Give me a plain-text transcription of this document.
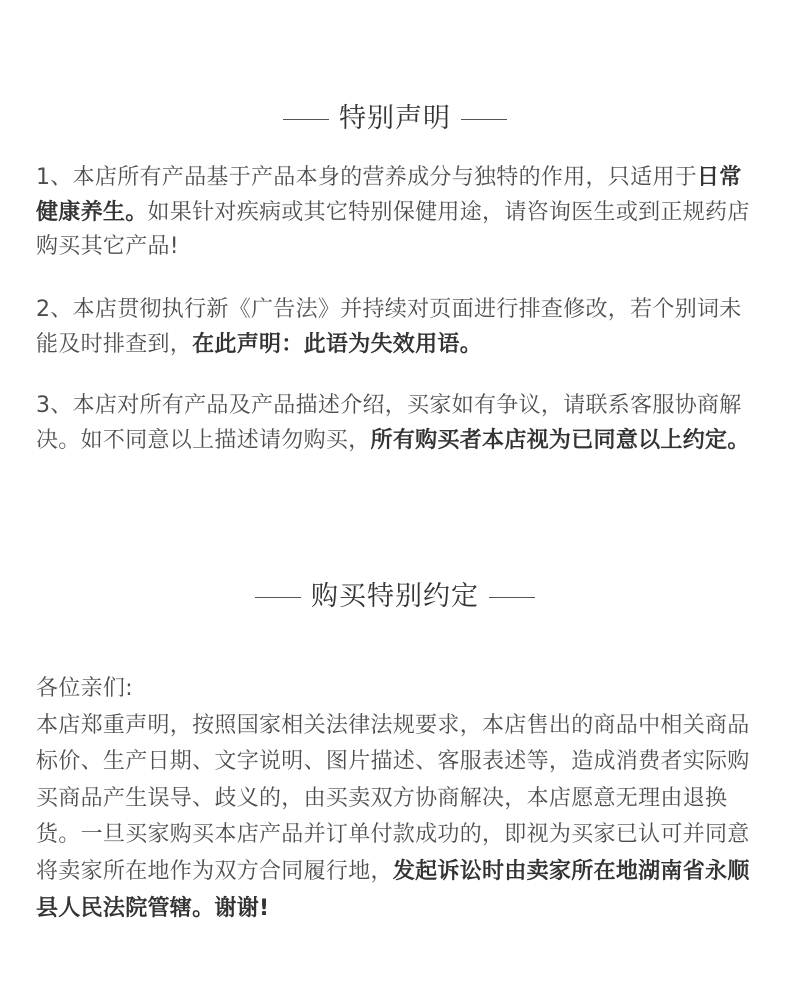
特别声明
1、本店所有产品基于产品本身的营养成分与独特的作用，只适用于日常健康养生。如果针对疾病或其它特别保健用途，请咨询医生或到正规药店购买其它产品!
2、本店贯彻执行新《广告法》并持续对页面进行排查修改，若个别词未能及时排查到，在此声明：此语为失效用语。
3、本店对所有产品及产品描述介绍，买家如有争议，请联系客服协商解决。如不同意以上描述请勿购买，所有购买者本店视为已同意以上约定。
购买特别约定
各位亲们:
本店郑重声明，按照国家相关法律法规要求，本店售出的商品中相关商品标价、生产日期、文字说明、图片描述、客服表述等，造成消费者实际购买商品产生误导、歧义的，由买卖双方协商解决，本店愿意无理由退换货。一旦买家购买本店产品并订单付款成功的，即视为买家已认可并同意将卖家所在地作为双方合同履行地，发起诉讼时由卖家所在地湖南省永顺县人民法院管辖。谢谢!
